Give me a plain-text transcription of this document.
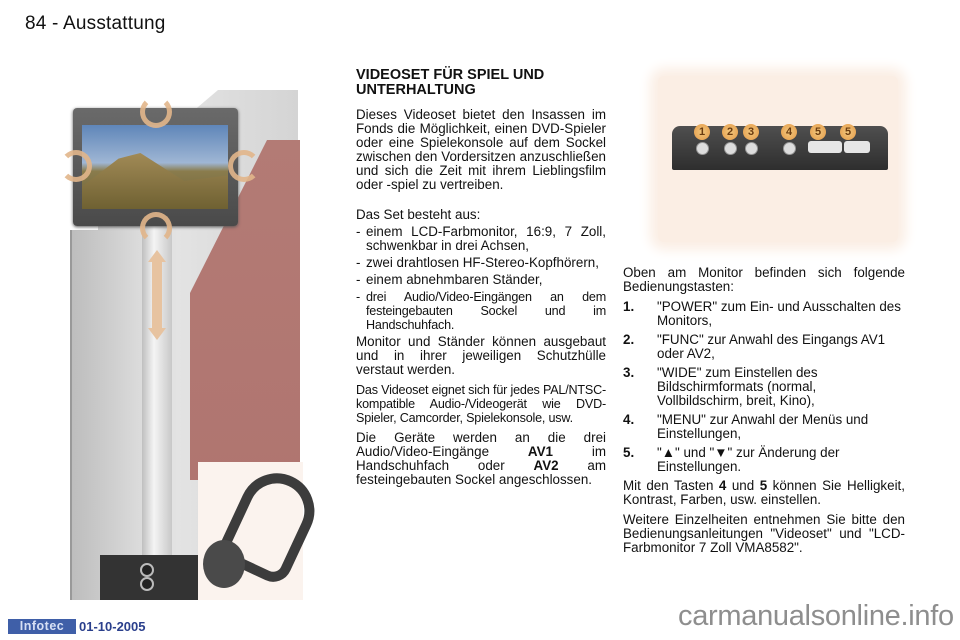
84 - Ausstattung
VIDEOSET FÜR SPIEL UND UNTERHALTUNG

Dieses Videoset bietet den Insassen im Fonds die Möglichkeit, einen DVD-Spieler oder eine Spielekonsole auf dem Sockel zwischen den Vordersitzen anzuschließen und sich die Zeit mit ihrem Lieblingsfilm oder -spiel zu vertreiben.

Das Set besteht aus:

- einem LCD-Farbmonitor, 16:9, 7 Zoll, schwenkbar in drei Achsen,
- zwei drahtlosen HF-Stereo-Kopfhörern,
- einem abnehmbaren Ständer,
- drei Audio/Video-Eingängen an dem festeingebauten Sockel und im Handschuhfach.

Monitor und Ständer können ausgebaut und in ihrer jeweiligen Schutzhülle verstaut werden.

Das Videoset eignet sich für jedes PAL/NTSC-kompatible Audio-/Videogerät wie DVD-Spieler, Camcorder, Spielekonsole, usw.

Die Geräte werden an die drei Audio/Video-Eingänge AV1 im Handschuhfach oder AV2 am festeingebauten Sockel angeschlossen.

1	2	3	4	5	5

Oben am Monitor befinden sich folgende Bedienungstasten:

1. "POWER" zum Ein- und Ausschalten des Monitors,
2. "FUNC" zur Anwahl des Eingangs AV1 oder AV2,
3. "WIDE" zum Einstellen des Bildschirmformats (normal, Vollbildschirm, breit, Kino),
4. "MENU" zur Anwahl der Menüs und Einstellungen,
5. "▲" und "▼" zur Änderung der Einstellungen.

Mit den Tasten 4 und 5 können Sie Helligkeit, Kontrast, Farben, usw. einstellen.

Weitere Einzelheiten entnehmen Sie bitte den Bedienungsanleitungen "Videoset" und "LCD-Farbmonitor 7 Zoll VMA8582".

Infotec	01-10-2005	carmanualsonline.info
